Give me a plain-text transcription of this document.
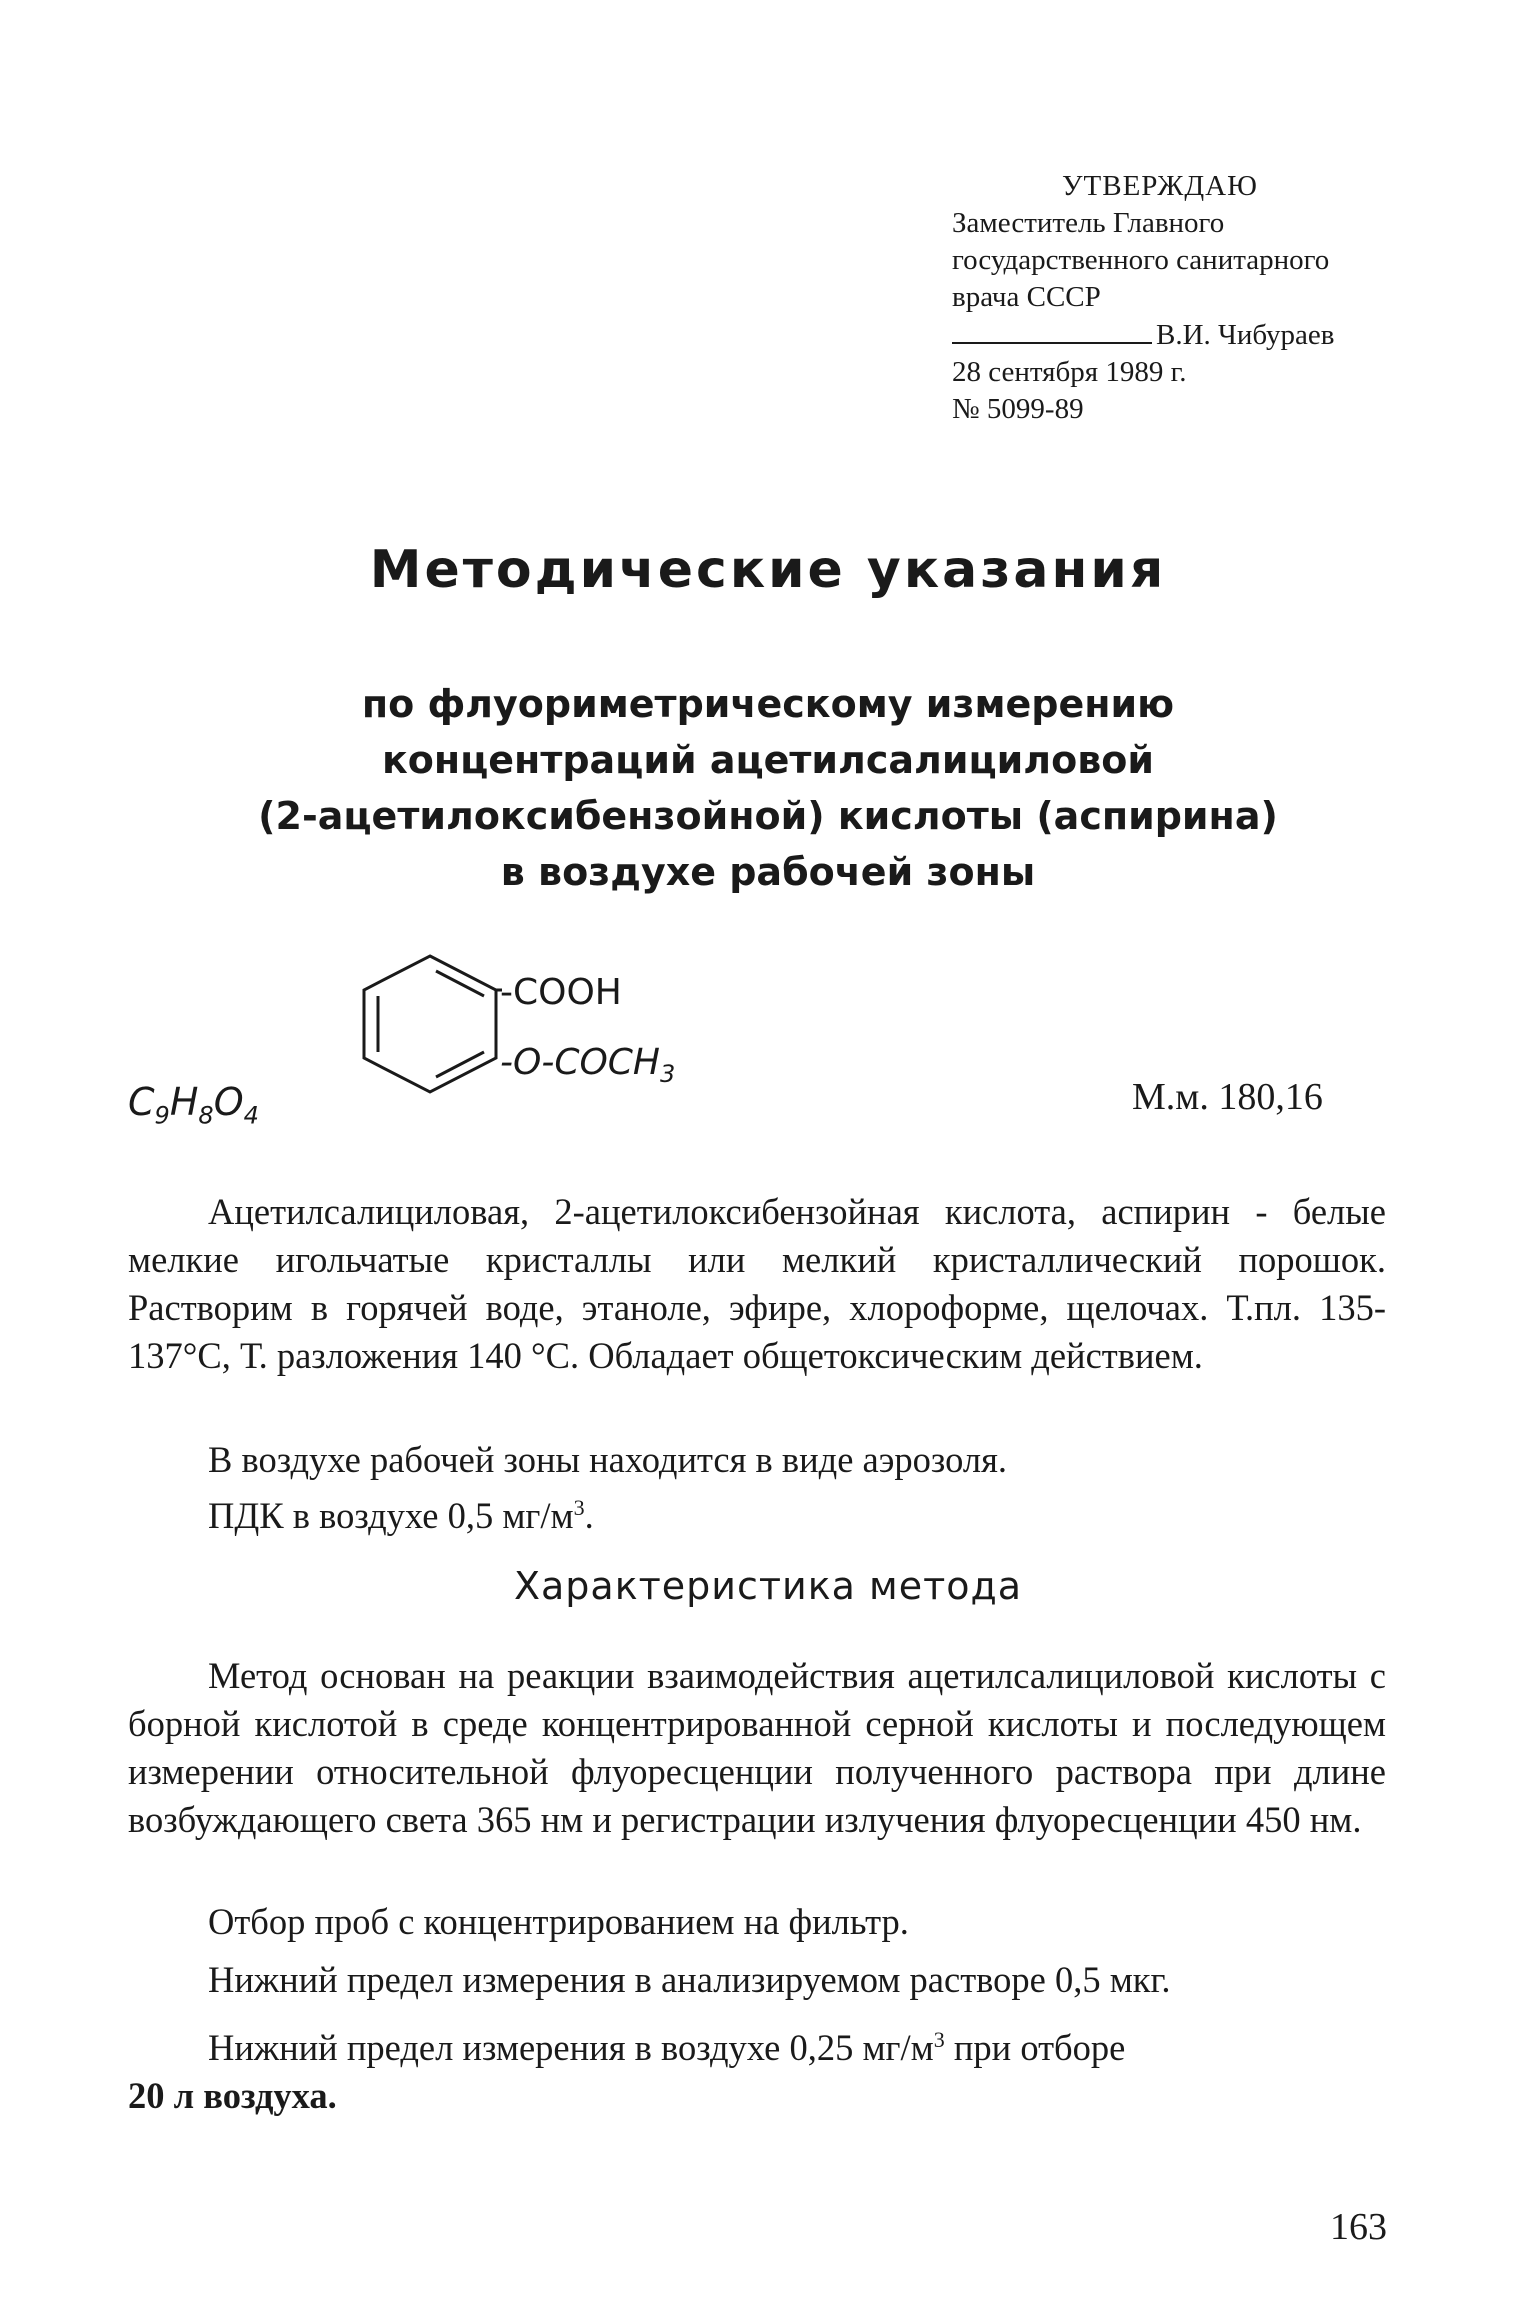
УТВЕРЖДАЮ
Заместитель Главного
государственного санитарного
врача СССР
В.И. Чибураев
28 сентября 1989 г.
№ 5099-89
Методические указания
по флуориметрическому измерению
концентраций ацетилсалициловой
(2-ацетилоксибензойной) кислоты (аспирина)
в воздухе рабочей зоны
$C_9H_8O_4$
-COOH
$-O-COCH_3$
М.м. 180,16

Ацетилсалициловая, 2-ацетилоксибензойная кислота, аспирин - белые мелкие игольчатые кристаллы или мелкий кристаллический порошок. Растворим в горячей воде, этаноле, эфире, хлороформе, щелочах. Т.пл. 135-137°С, Т. разложения 140 °С. Обладает общетоксическим действием.

В воздухе рабочей зоны находится в виде аэрозоля.
ПДК в воздухе 0,5 $мг/м^3$.
Характеристика метода

Метод основан на реакции взаимодействия ацетилсалициловой кислоты с борной кислотой в среде концентрированной серной кислоты и последующем измерении относительной флуоресценции полученного раствора при длине возбуждающего света 365 нм и регистрации излучения флуоресценции 450 нм.

Отбор проб с концентрированием на фильтр.
Нижний предел измерения в анализируемом растворе 0,5 мкг.

Нижний предел измерения в воздухе 0,25 $мг/м^3$ при отборе

20 л воздуха.

163
